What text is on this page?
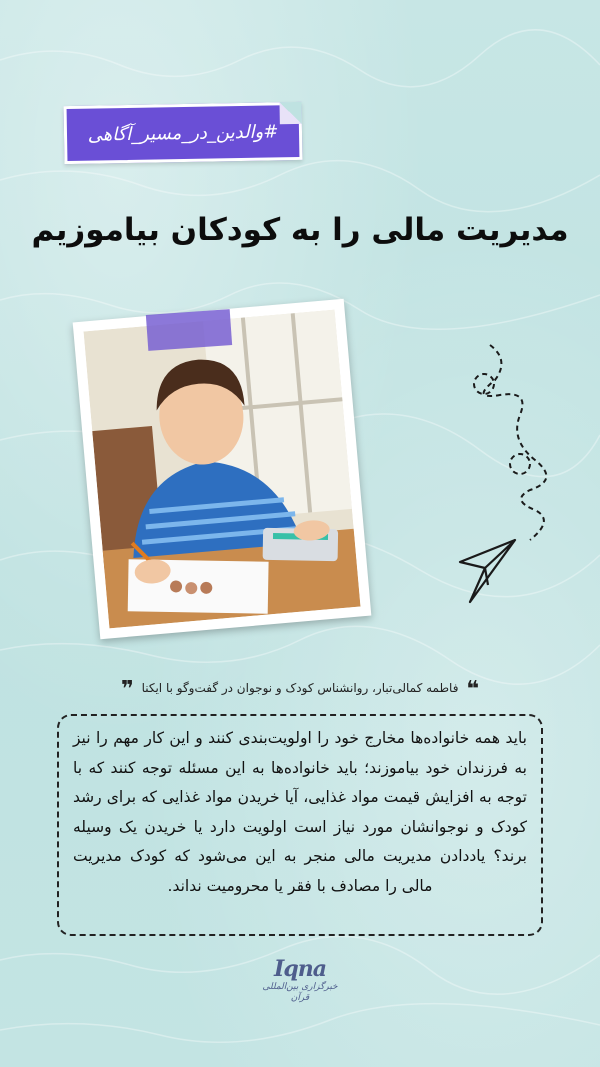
#والدین_در_مسیر_آگاهی
مدیریت مالی را به کودکان بیاموزیم
❝ فاطمه کمالی‌تبار، روانشناس کودک و نوجوان در گفت‌وگو با ایکنا ❞
باید همه خانواده‌ها مخارج خود را اولویت‌بندی کنند و این کار مهم را نیز به فرزندان خود بیاموزند؛ باید خانواده‌ها به این مسئله توجه کنند که با توجه به افزایش قیمت مواد غذایی، آیا خریدن مواد غذایی که برای رشد کودک و نوجوانشان مورد نیاز است اولویت دارد یا خریدن یک وسیله برند؟ یاددادن مدیریت مالی منجر به این می‌شود که کودک مدیریت مالی را مصادف با فقر یا محرومیت نداند.
Iqna
خبرگزاری بین‌المللی
قرآن
